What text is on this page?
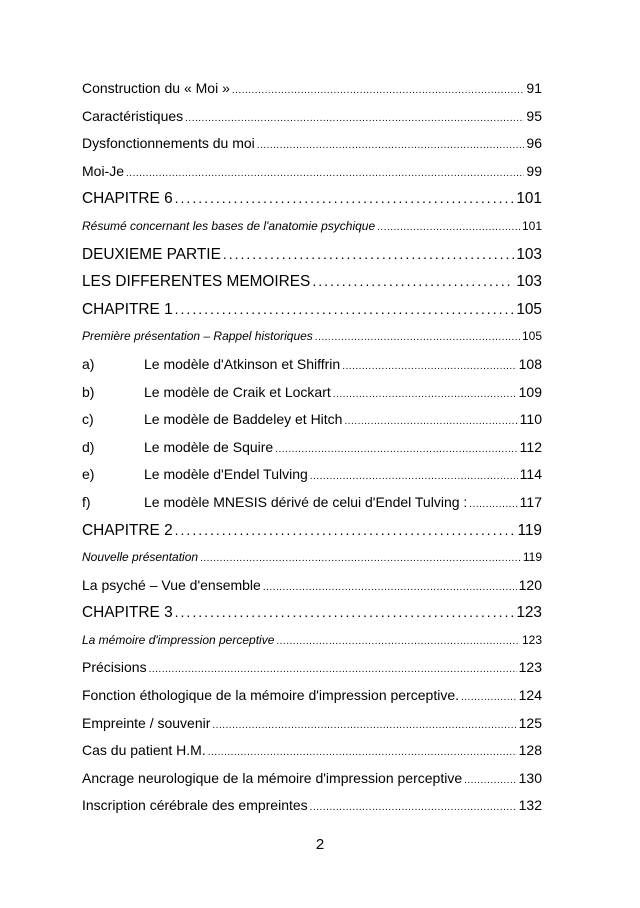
Construction du « Moi » .....	91
Caractéristiques .....	95
Dysfonctionnements du moi .....	96
Moi-Je .....	99
CHAPITRE 6 .....	101
Résumé concernant les bases de l'anatomie psychique .....	101
DEUXIEME PARTIE .....	103
LES DIFFERENTES MEMOIRES .....	103
CHAPITRE 1 .....	105
Première présentation – Rappel historiques .....	105
a)	Le modèle d'Atkinson et Shiffrin .....	108
b)	Le modèle de Craik et Lockart .....	109
c)	Le modèle de Baddeley et Hitch .....	110
d)	Le modèle de Squire .....	112
e)	Le modèle d'Endel Tulving .....	114
f)	Le modèle MNESIS dérivé de celui d'Endel Tulving : .....	117
CHAPITRE 2 .....	119
Nouvelle présentation .....	119
La psyché – Vue d'ensemble .....	120
CHAPITRE 3 .....	123
La mémoire d'impression perceptive .....	123
Précisions .....	123
Fonction éthologique de la mémoire d'impression perceptive. .....	124
Empreinte / souvenir .....	125
Cas du patient H.M. .....	128
Ancrage neurologique de la mémoire d'impression perceptive .....	130
Inscription cérébrale des empreintes .....	132
2
